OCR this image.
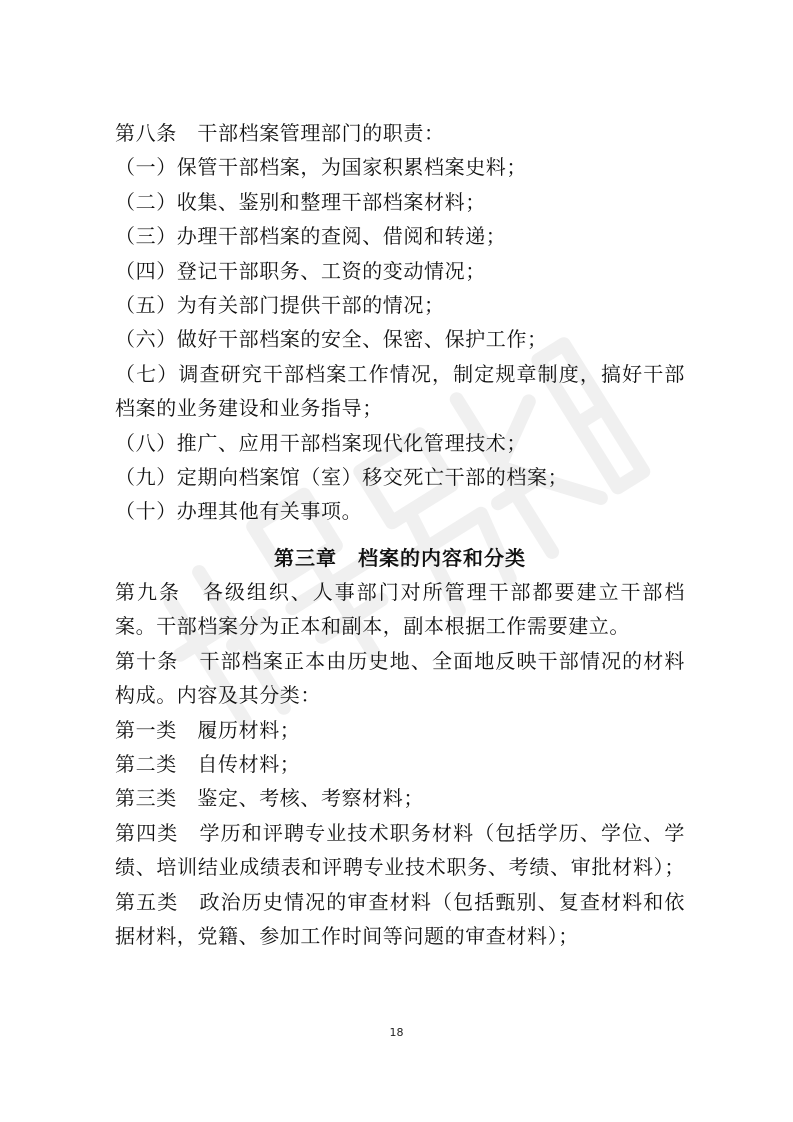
第八条　干部档案管理部门的职责：
（一）保管干部档案，为国家积累档案史料；
（二）收集、鉴别和整理干部档案材料；
（三）办理干部档案的查阅、借阅和转递；
（四）登记干部职务、工资的变动情况；
（五）为有关部门提供干部的情况；
（六）做好干部档案的安全、保密、保护工作；
（七）调查研究干部档案工作情况，制定规章制度，搞好干部
档案的业务建设和业务指导；
（八）推广、应用干部档案现代化管理技术；
（九）定期向档案馆（室）移交死亡干部的档案；
（十）办理其他有关事项。
第三章　档案的内容和分类
第九条　各级组织、人事部门对所管理干部都要建立干部档
案。干部档案分为正本和副本，副本根据工作需要建立。
第十条　干部档案正本由历史地、全面地反映干部情况的材料
构成。内容及其分类：
第一类　履历材料；
第二类　自传材料；
第三类　鉴定、考核、考察材料；
第四类　学历和评聘专业技术职务材料（包括学历、学位、学
绩、培训结业成绩表和评聘专业技术职务、考绩、审批材料）；
第五类　政治历史情况的审查材料（包括甄别、复查材料和依
据材料，党籍、参加工作时间等问题的审查材料）；
18
